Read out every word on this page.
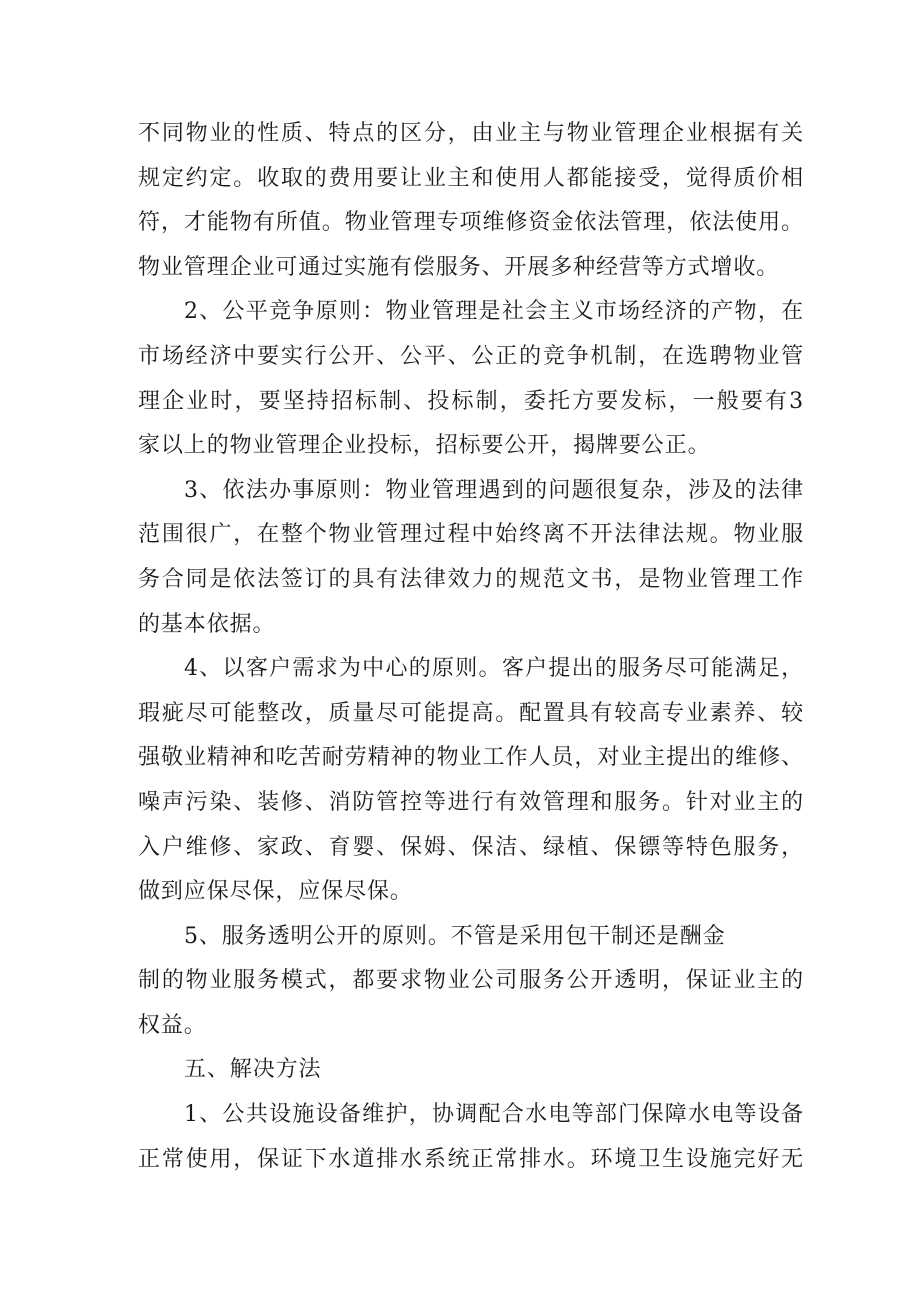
不同物业的性质、特点的区分，由业主与物业管理企业根据有关
规定约定。收取的费用要让业主和使用人都能接受，觉得质价相
符，才能物有所值。物业管理专项维修资金依法管理，依法使用。
物业管理企业可通过实施有偿服务、开展多种经营等方式增收。
2、公平竞争原则：物业管理是社会主义市场经济的产物，在
市场经济中要实行公开、公平、公正的竞争机制，在选聘物业管
理企业时，要坚持招标制、投标制，委托方要发标，一般要有3
家以上的物业管理企业投标，招标要公开，揭牌要公正。
3、依法办事原则：物业管理遇到的问题很复杂，涉及的法律
范围很广，在整个物业管理过程中始终离不开法律法规。物业服
务合同是依法签订的具有法律效力的规范文书，是物业管理工作
的基本依据。
4、以客户需求为中心的原则。客户提出的服务尽可能满足，
瑕疵尽可能整改，质量尽可能提高。配置具有较高专业素养、较
强敬业精神和吃苦耐劳精神的物业工作人员，对业主提出的维修、
噪声污染、装修、消防管控等进行有效管理和服务。针对业主的
入户维修、家政、育婴、保姆、保洁、绿植、保镖等特色服务，
做到应保尽保，应保尽保。
5、服务透明公开的原则。不管是采用包干制还是酬金
制的物业服务模式，都要求物业公司服务公开透明，保证业主的
权益。
五、解决方法
1、公共设施设备维护，协调配合水电等部门保障水电等设备
正常使用，保证下水道排水系统正常排水。环境卫生设施完好无
